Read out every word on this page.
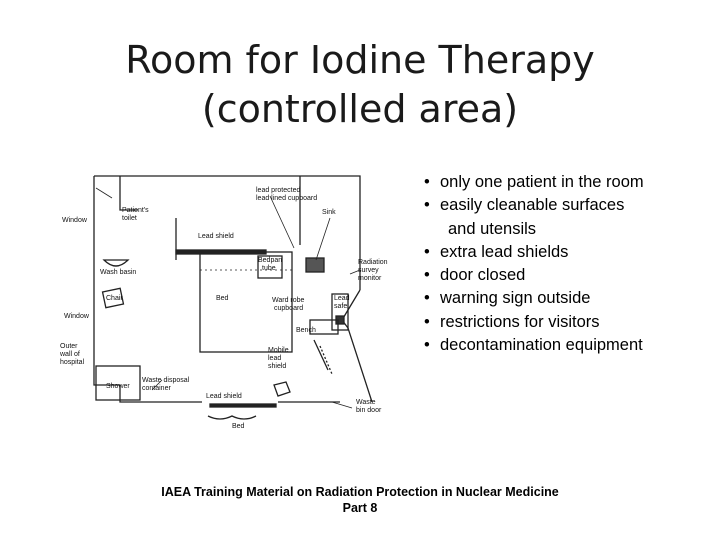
Room for Iodine Therapy
(controlled area)
Window
Patient's
toilet
lead protected
lead lined cupboard
Sink
Lead shield
Wash basin
Bedpan
tube
Radiation
survey
monitor
Chair	Bed	Ward robe
cupboard
Lead
safe
Window
Bench
Outer
wall of
hospital
Mobile
lead
shield
Shower
Waste disposal
container
Lead shield
Waste
bin door
Bed
• only one patient in the room
• easily cleanable surfaces
and utensils
• extra lead shields
• door closed
• warning sign outside
• restrictions for visitors
• decontamination equipment
IAEA Training Material on Radiation Protection in Nuclear Medicine
Part 8
